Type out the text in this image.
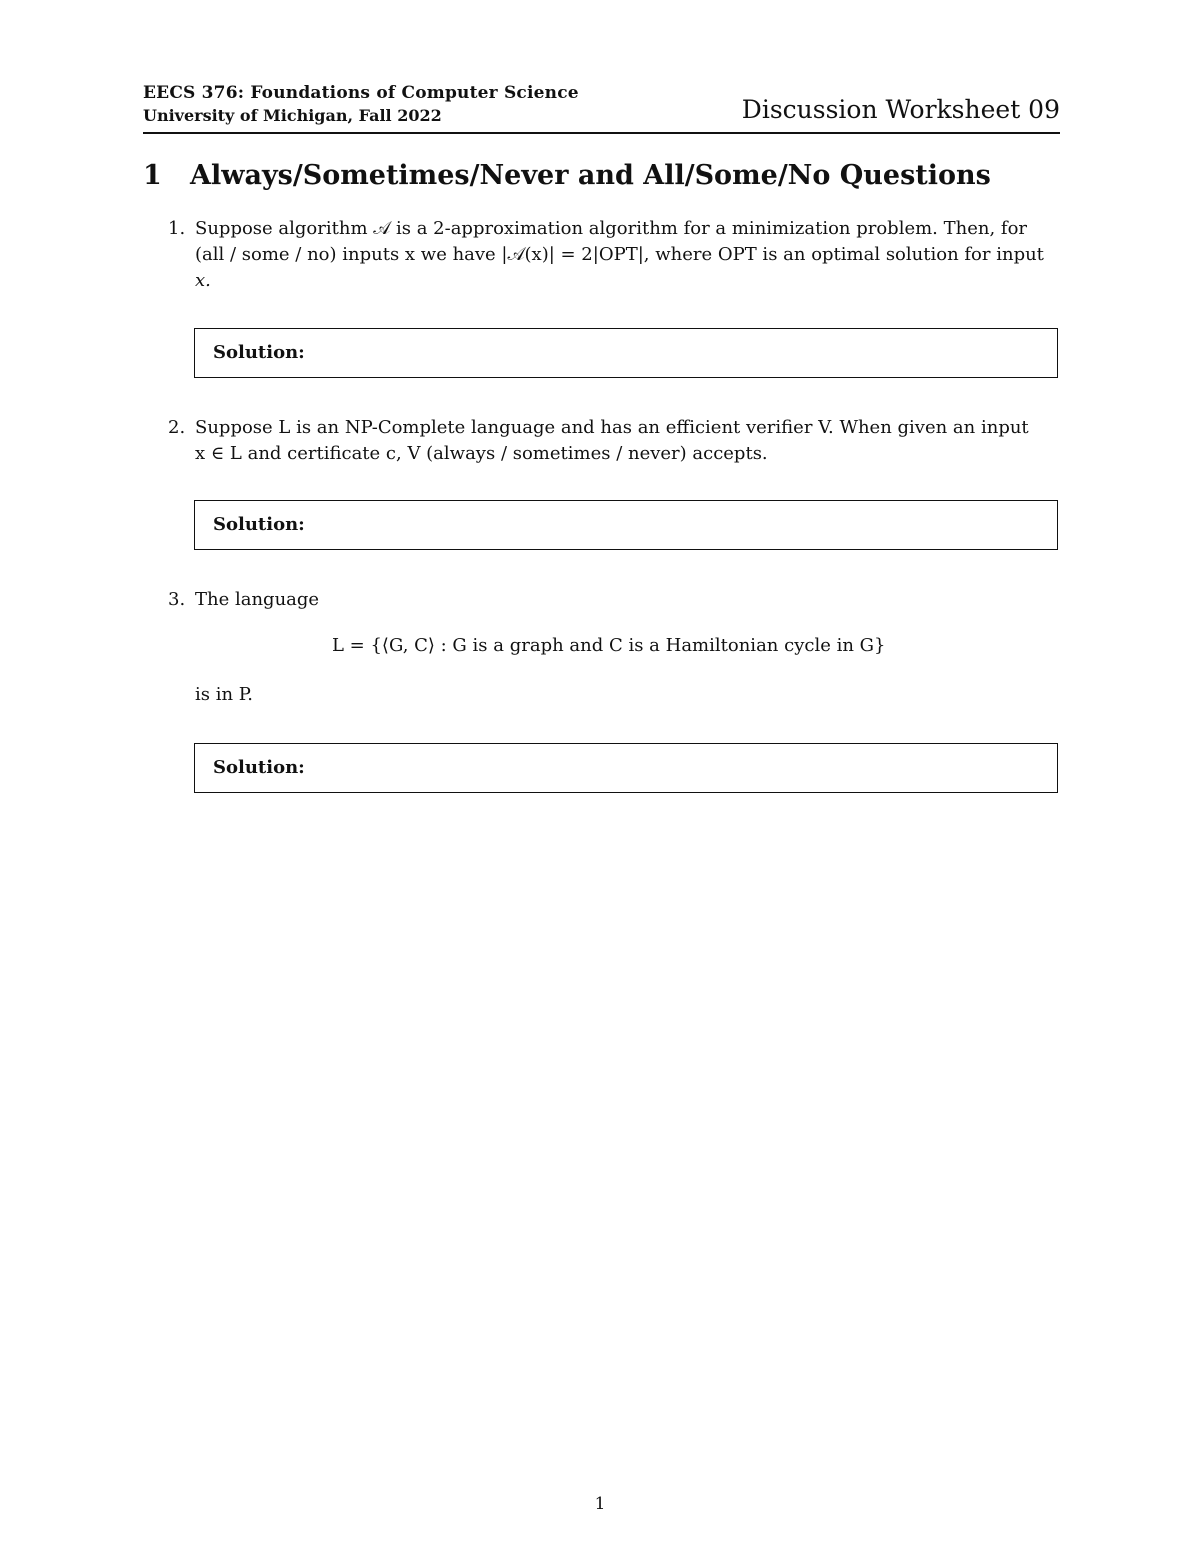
EECS 376: Foundations of Computer Science
University of Michigan, Fall 2022	Discussion Worksheet 09
1 Always/Sometimes/Never and All/Some/No Questions
1. Suppose algorithm 𝒜 is a 2-approximation algorithm for a minimization problem. Then, for
(all / some / no) inputs x we have |𝒜(x)| = 2|OPT|, where OPT is an optimal solution for input
x.
Solution:
2. Suppose L is an NP-Complete language and has an efficient verifier V. When given an input
x ∈ L and certificate c, V (always / sometimes / never) accepts.
Solution:
3. The language
L = {⟨G, C⟩ : G is a graph and C is a Hamiltonian cycle in G}
is in P.
Solution:
1
